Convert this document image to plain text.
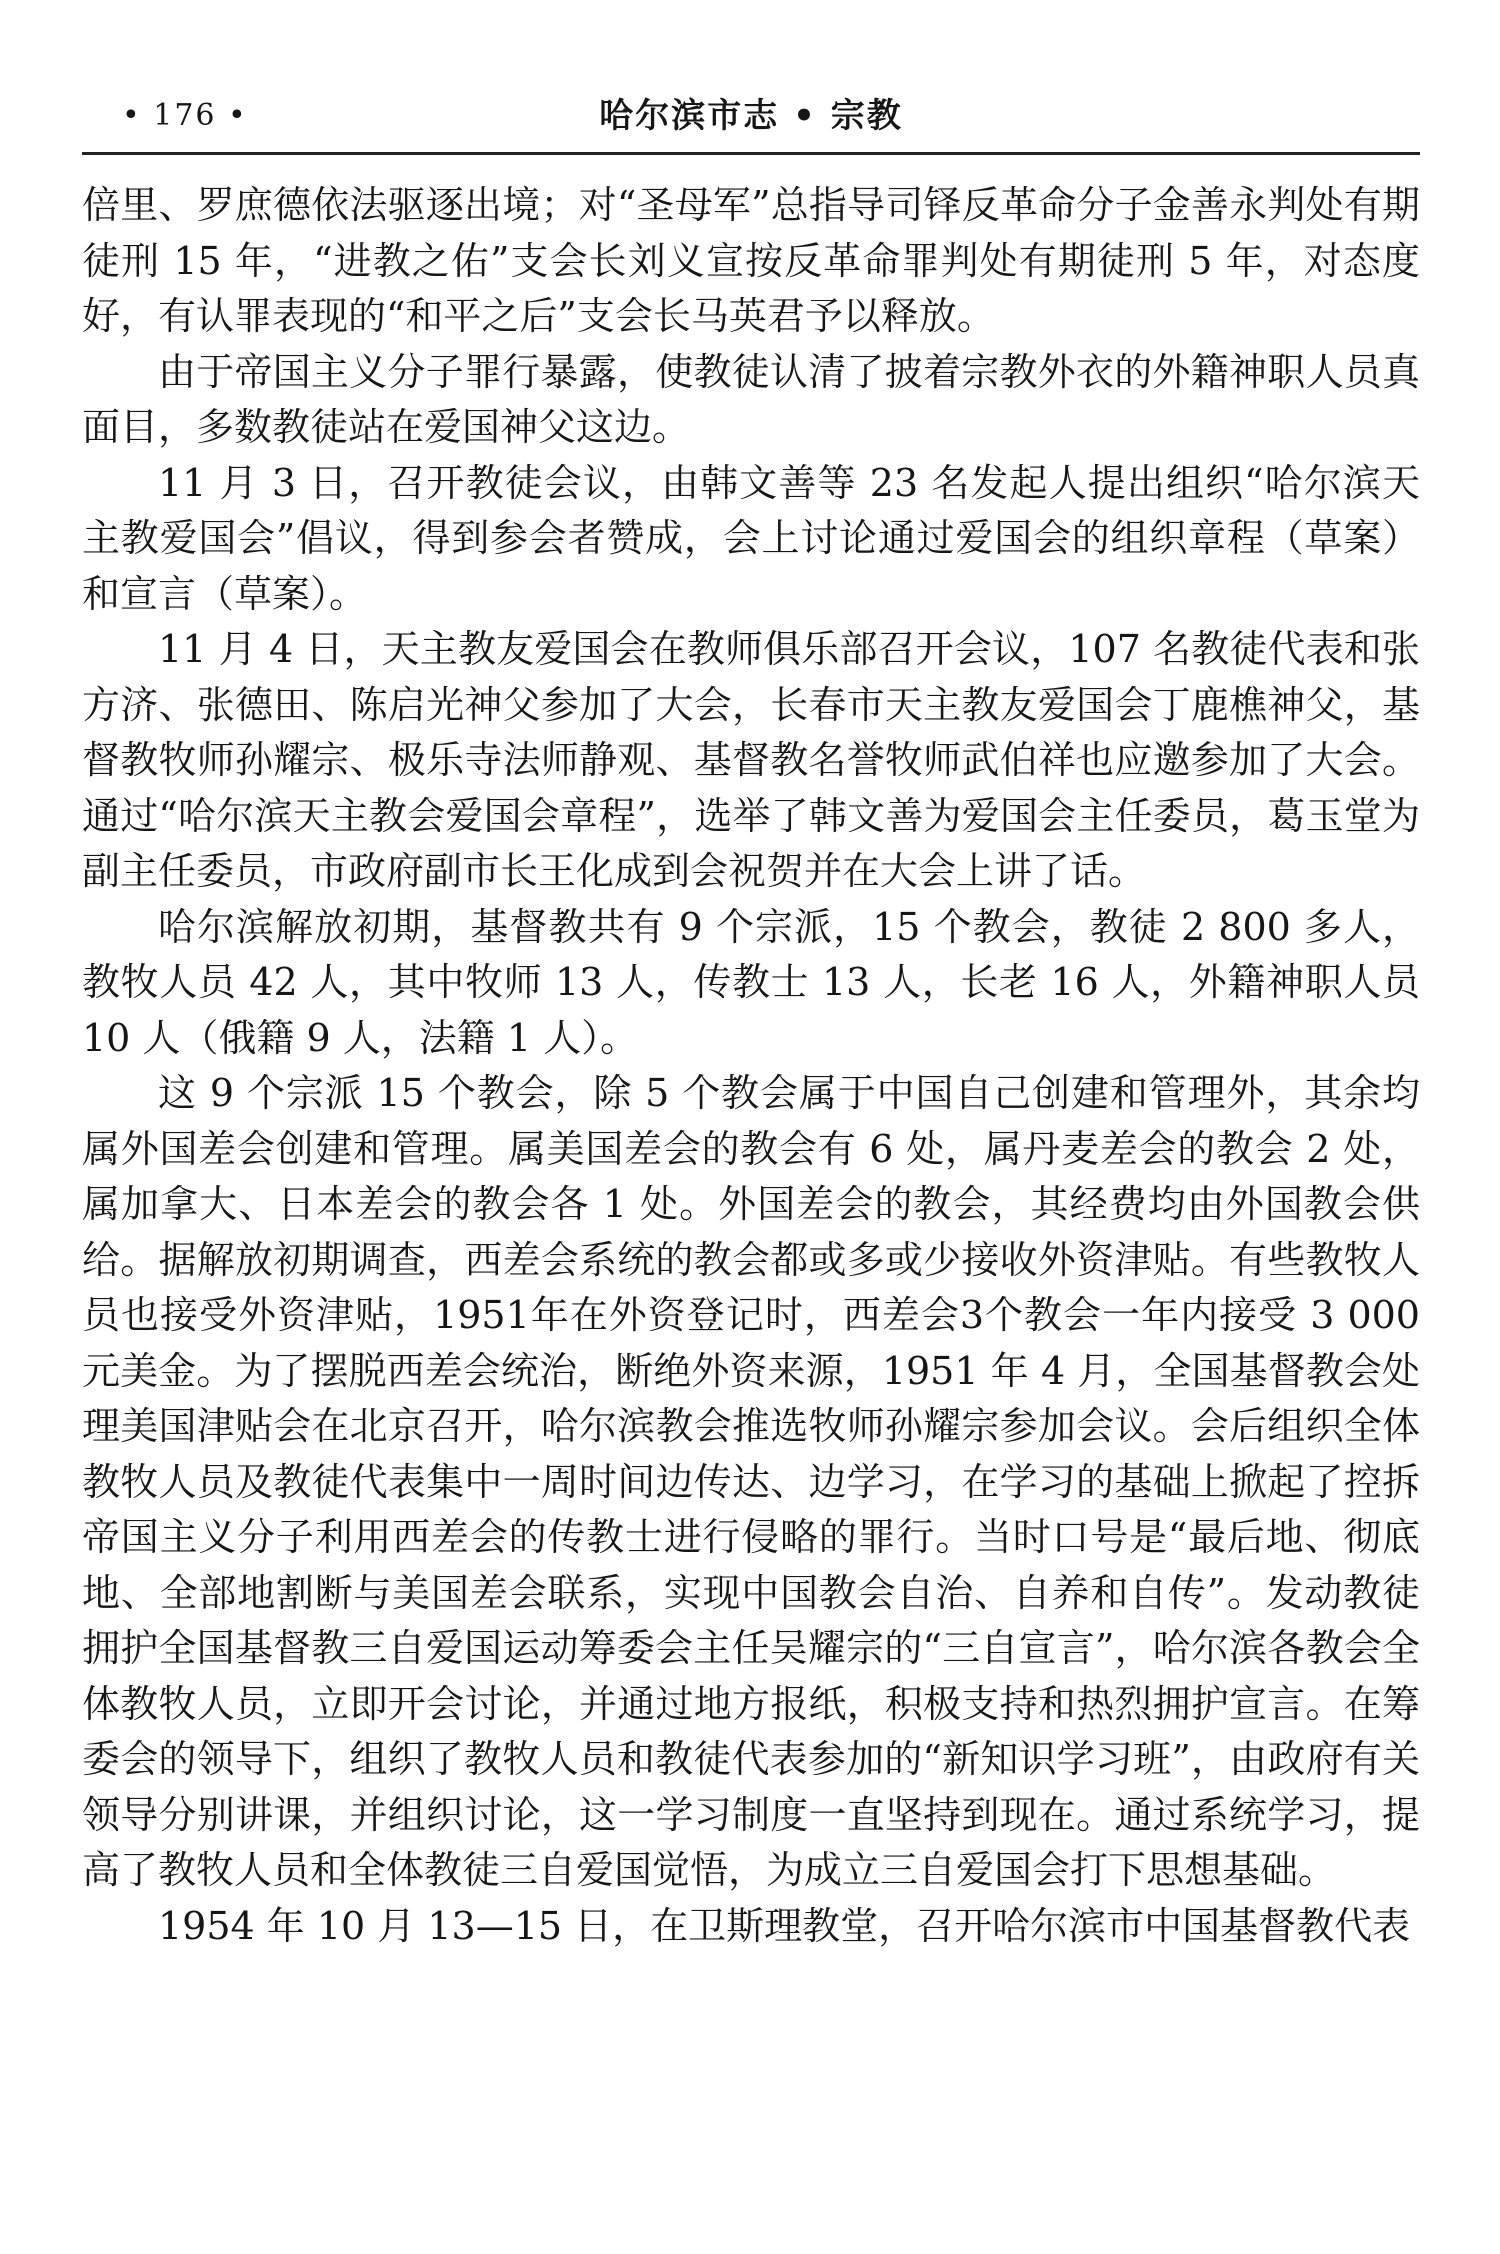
• 176 •	哈尔滨市志 • 宗教

倍里、罗庶德依法驱逐出境；对“圣母军”总指导司铎反革命分子金善永判处有期徒刑 15 年，“进教之佑”支会长刘义宣按反革命罪判处有期徒刑 5 年，对态度好，有认罪表现的“和平之后”支会长马英君予以释放。

由于帝国主义分子罪行暴露，使教徒认清了披着宗教外衣的外籍神职人员真面目，多数教徒站在爱国神父这边。

11 月 3 日，召开教徒会议，由韩文善等 23 名发起人提出组织“哈尔滨天主教爱国会”倡议，得到参会者赞成，会上讨论通过爱国会的组织章程（草案）和宣言（草案）。

11 月 4 日，天主教友爱国会在教师俱乐部召开会议，107 名教徒代表和张方济、张德田、陈启光神父参加了大会，长春市天主教友爱国会丁鹿樵神父，基督教牧师孙耀宗、极乐寺法师静观、基督教名誉牧师武伯祥也应邀参加了大会。通过“哈尔滨天主教会爱国会章程”，选举了韩文善为爱国会主任委员，葛玉堂为副主任委员，市政府副市长王化成到会祝贺并在大会上讲了话。

哈尔滨解放初期，基督教共有 9 个宗派，15 个教会，教徒 2 800 多人，教牧人员 42 人，其中牧师 13 人，传教士 13 人，长老 16 人，外籍神职人员 10 人（俄籍 9 人，法籍 1 人）。

这 9 个宗派 15 个教会，除 5 个教会属于中国自己创建和管理外，其余均属外国差会创建和管理。属美国差会的教会有 6 处，属丹麦差会的教会 2 处，属加拿大、日本差会的教会各 1 处。外国差会的教会，其经费均由外国教会供给。据解放初期调查，西差会系统的教会都或多或少接收外资津贴。有些教牧人员也接受外资津贴，1951年在外资登记时，西差会3个教会一年内接受 3 000 元美金。为了摆脱西差会统治，断绝外资来源，1951 年 4 月，全国基督教会处理美国津贴会在北京召开，哈尔滨教会推选牧师孙耀宗参加会议。会后组织全体教牧人员及教徒代表集中一周时间边传达、边学习，在学习的基础上掀起了控拆帝国主义分子利用西差会的传教士进行侵略的罪行。当时口号是“最后地、彻底地、全部地割断与美国差会联系，实现中国教会自治、自养和自传”。发动教徒拥护全国基督教三自爱国运动筹委会主任吴耀宗的“三自宣言”，哈尔滨各教会全体教牧人员，立即开会讨论，并通过地方报纸，积极支持和热烈拥护宣言。在筹委会的领导下，组织了教牧人员和教徒代表参加的“新知识学习班”，由政府有关领导分别讲课，并组织讨论，这一学习制度一直坚持到现在。通过系统学习，提高了教牧人员和全体教徒三自爱国觉悟，为成立三自爱国会打下思想基础。

1954 年 10 月 13—15 日，在卫斯理教堂，召开哈尔滨市中国基督教代表
